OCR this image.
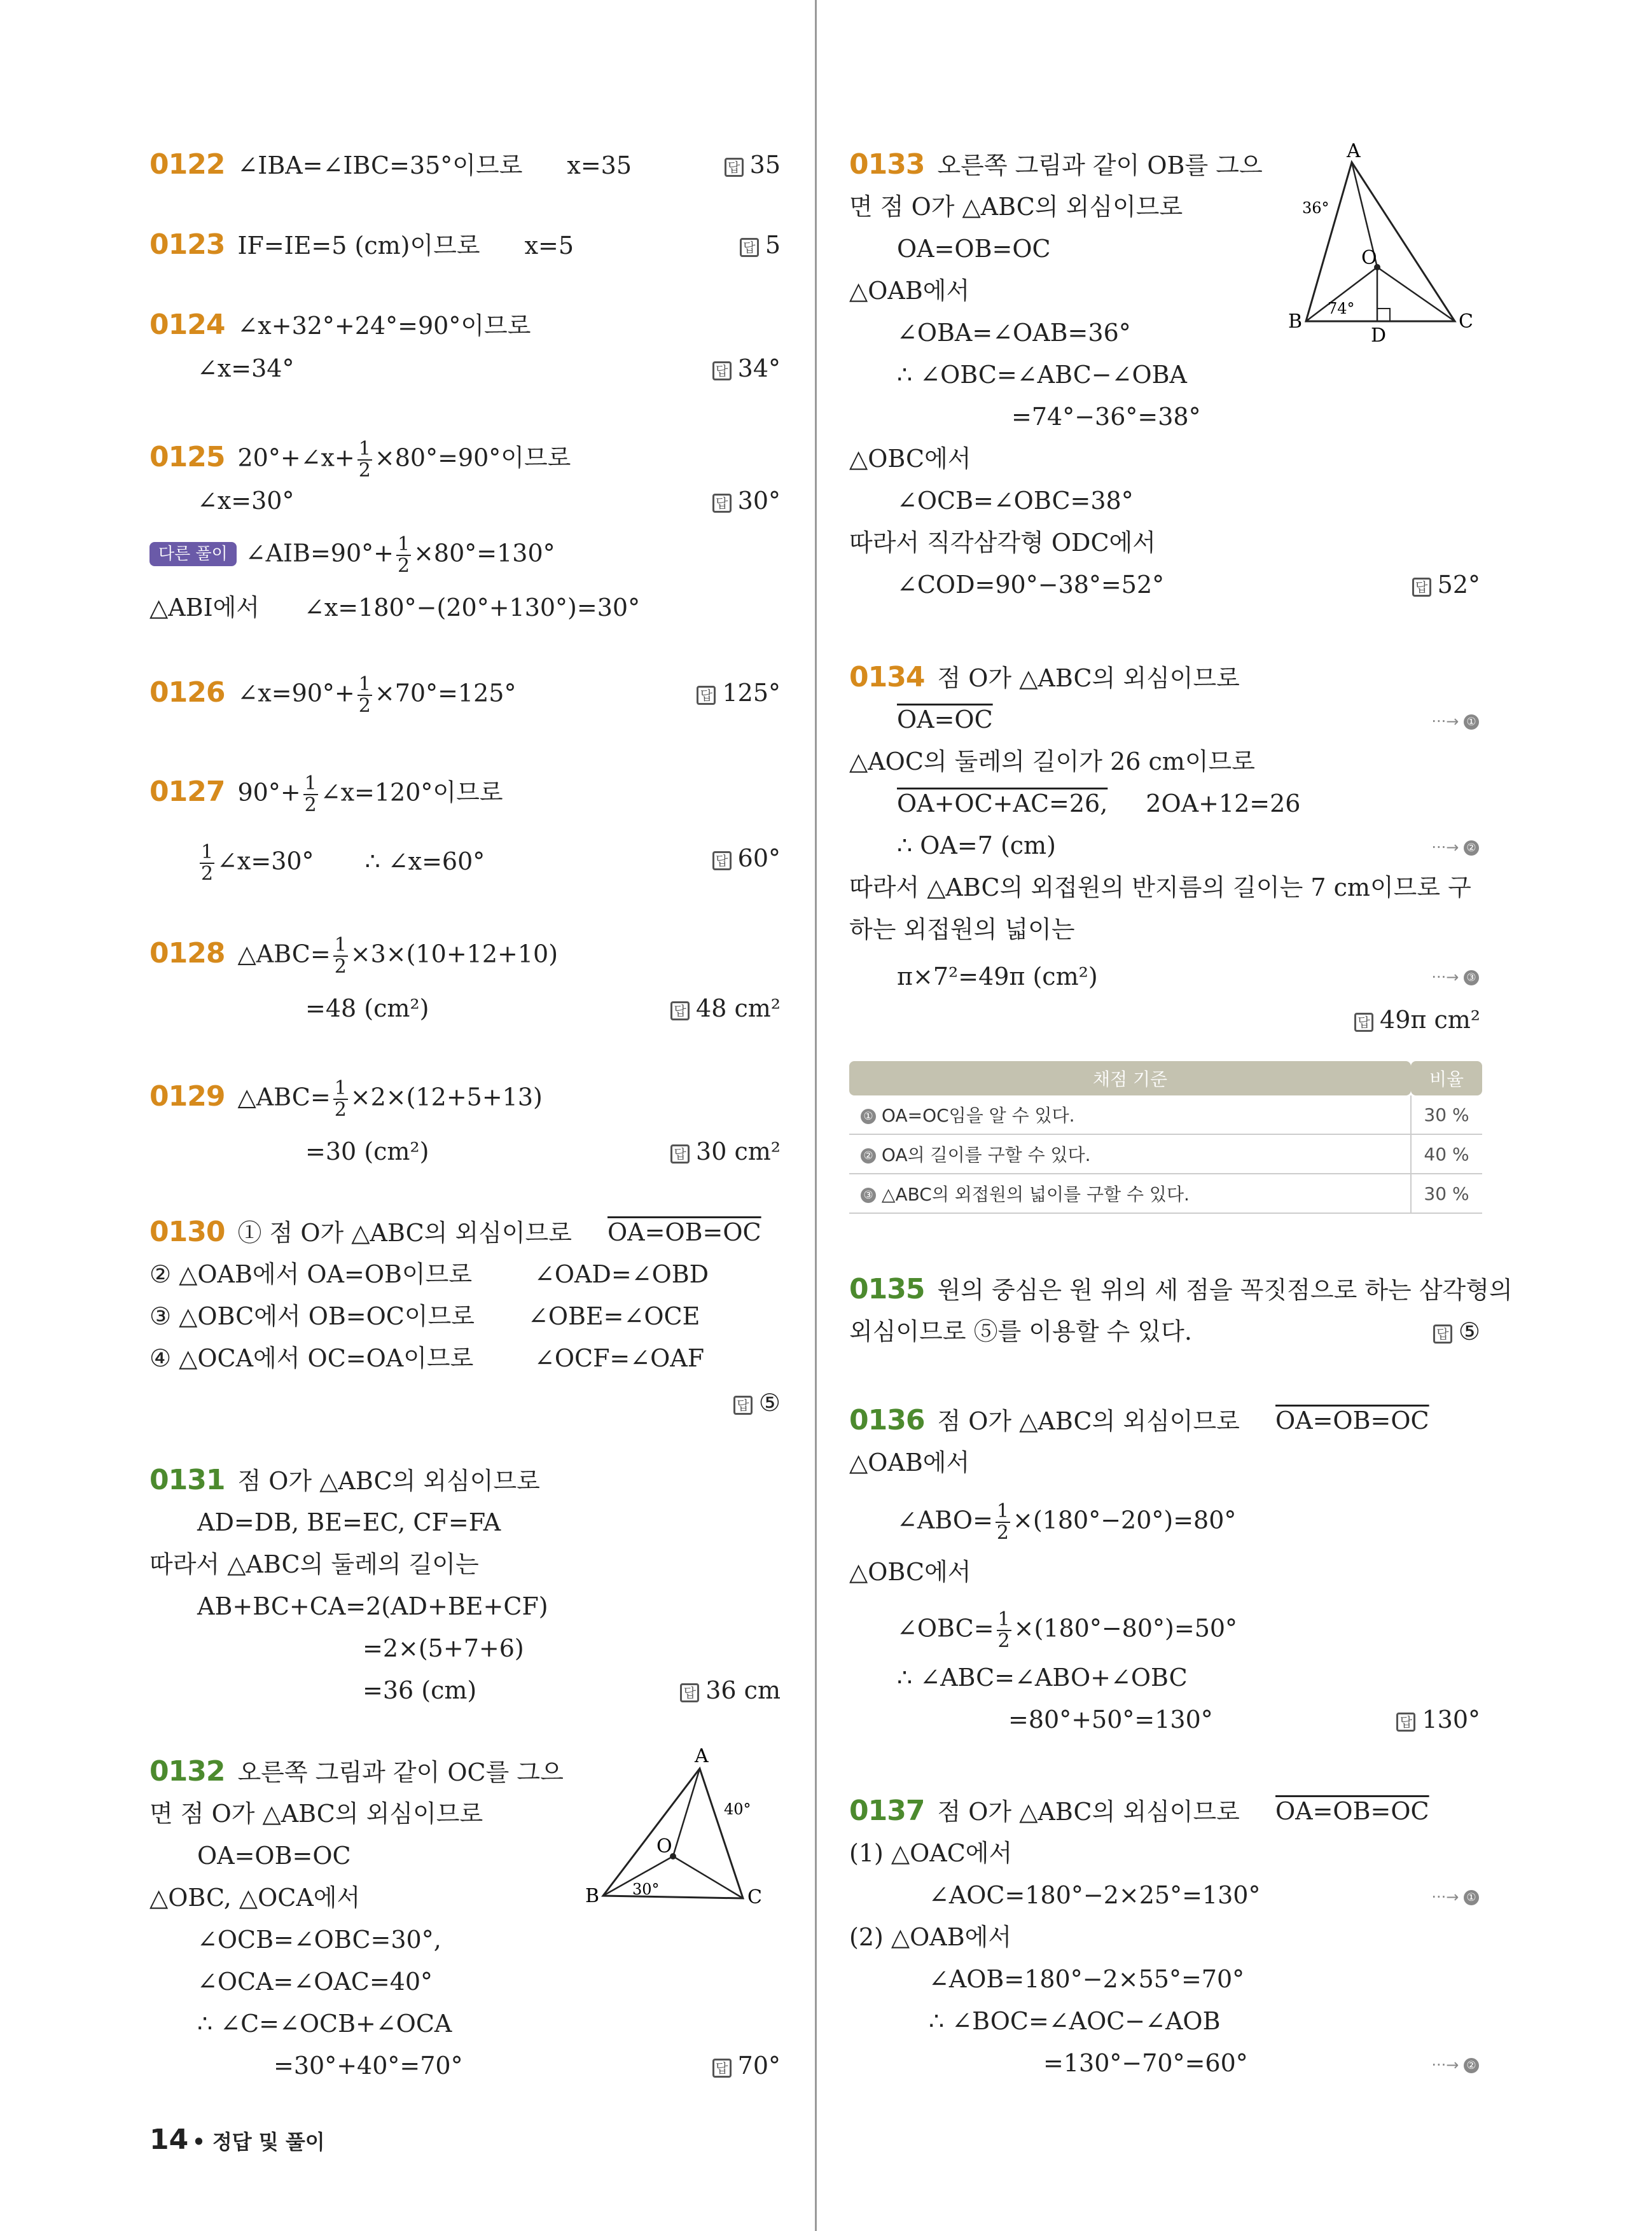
0122 ∠IBA=∠IBC=35°이므로 x=35	답 35
0123 IF=IE=5 (cm)이므로 x=5	답 5
0124 ∠x+32°+24°=90°이므로
∠x=34°	답 34°
0125 20°+∠x+ $\frac{1}{2} \times 80^\circ=90^\circ$이므로
∠x=30°	답 30°
다른 풀이 ∠AIB=90°+ $\frac{1}{2} \times 80^\circ=130^\circ$
△ABI에서 ∠x=180°−(20°+130°)=30°
0126 ∠x=90°+ $\frac{1}{2} \times 70^\circ=125^\circ$	답 125°
0127 $90^\circ+ \frac{1}{2}$ ∠x=120°이므로
$\frac{1}{2}$ ∠x=30° ∴ ∠x=60°	답 60°
0128 △ABC= $\frac{1}{2} \times 3\times(10+12+10)$
=48 (cm²)	답 48 cm²
0129 △ABC= $\frac{1}{2} \times 2\times(12+5+13)$
=30 (cm²)	답 30 cm²
0130 ① 점 O가 △ABC의 외심이므로 OA=OB=OC
② △OAB에서 OA=OB이므로	∠OAD=∠OBD
③ △OBC에서 OB=OC이므로 ∠OBE=∠OCE
④ △OCA에서 OC=OA이므로	∠OCF=∠OAF
답 ⑤
0131 점 O가 △ABC의 외심이므로
AD=DB, BE=EC, CF=FA
따라서 △ABC의 둘레의 길이는
AB+BC+CA=2(AD+BE+CF)
=2×(5+7+6)
=36 (cm)	답 36 cm
0132 오른쪽 그림과 같이 OC를 그으
면 점 O가 △ABC의 외심이므로
OA=OB=OC
△OBC, △OCA에서
∠OCB=∠OBC=30°,
∠OCA=∠OAC=40°
∴ ∠C=∠OCB+∠OCA
=30°+40°=70°	답 70°
A
B	C
O
40°
30°
14 • 정답 및 풀이
0133 오른쪽 그림과 같이 OB를 그으
면 점 O가 △ABC의 외심이므로
OA=OB=OC
△OAB에서
∠OBA=∠OAB=36°
∴ ∠OBC=∠ABC−∠OBA
=74°−36°=38°
△OBC에서
∠OCB=∠OBC=38°
따라서 직각삼각형 ODC에서
∠COD=90°−38°=52°	답 52°
A
B	C
O
D
36°
74°
0134 점 O가 △ABC의 외심이므로
OA=OC	···→ ①
△AOC의 둘레의 길이가 26 cm이므로
OA+OC+AC=26, 2OA+12=26
∴ OA=7 (cm)	···→ ②
따라서 △ABC의 외접원의 반지름의 길이는 7 cm이므로 구
하는 외접원의 넓이는
π×7²=49π (cm²)	···→ ③
답 49π cm²
채점 기준	비율
① OA=OC임을 알 수 있다.	30 %
② OA의 길이를 구할 수 있다.	40 %
③ △ABC의 외접원의 넓이를 구할 수 있다.	30 %
0135 원의 중심은 원 위의 세 점을 꼭짓점으로 하는 삼각형의
외심이므로 ⑤를 이용할 수 있다.	답 ⑤
0136 점 O가 △ABC의 외심이므로 OA=OB=OC
△OAB에서
∠ABO= $\frac{1}{2} \times(180^\circ-20^\circ)=80^\circ$
△OBC에서
∠OBC= $\frac{1}{2} \times(180^\circ-80^\circ)=50^\circ$
∴ ∠ABC=∠ABO+∠OBC
=80°+50°=130°	답 130°
0137 점 O가 △ABC의 외심이므로 OA=OB=OC
(1) △OAC에서
∠AOC=180°−2×25°=130°	···→ ①
(2) △OAB에서
∠AOB=180°−2×55°=70°
∴ ∠BOC=∠AOC−∠AOB
=130°−70°=60°	···→ ②
